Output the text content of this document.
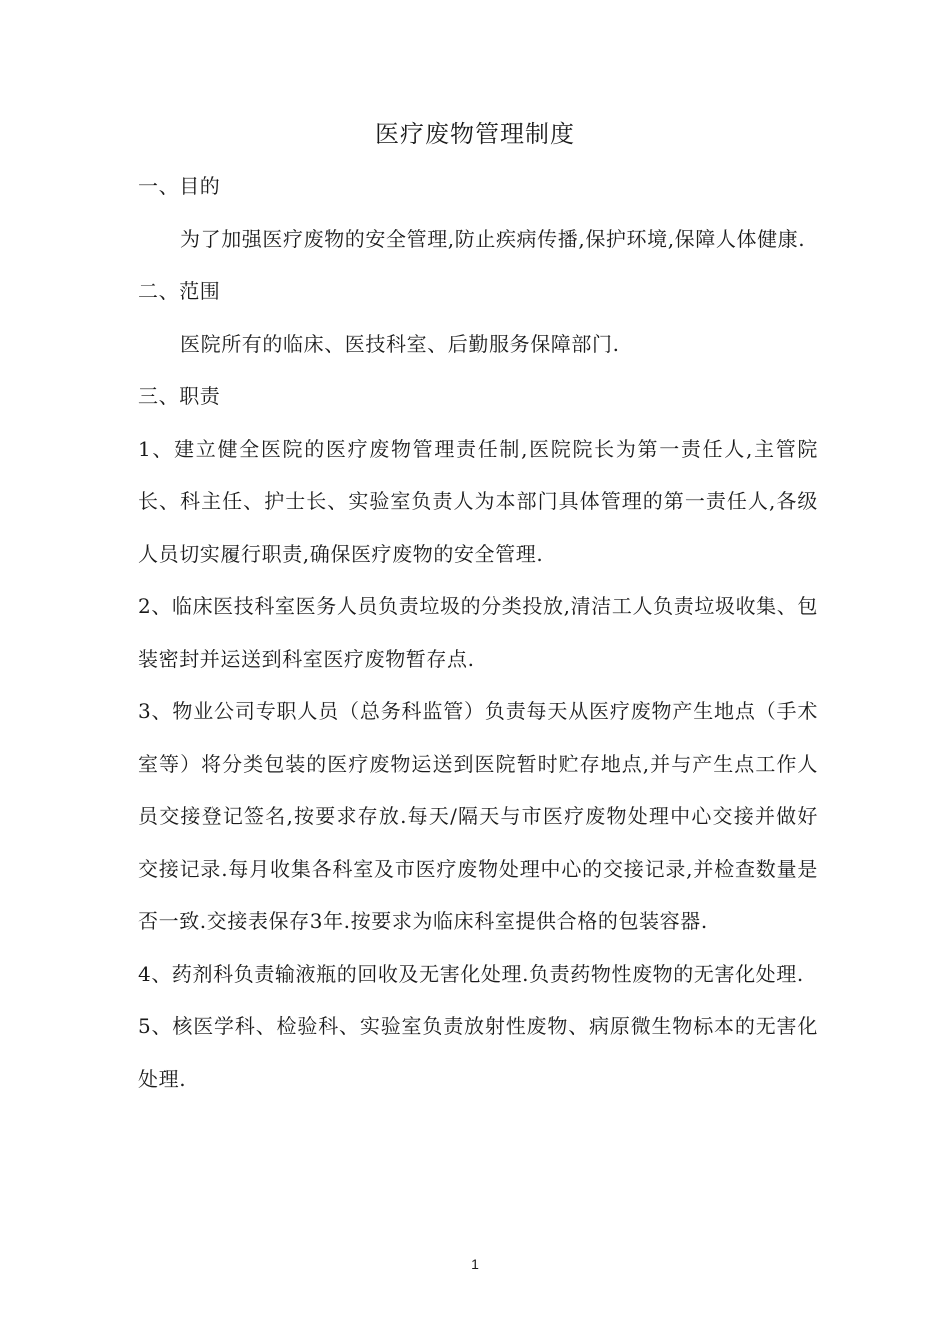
医疗废物管理制度

一、目的

为了加强医疗废物的安全管理,防止疾病传播,保护环境,保障人体健康.

二、范围

医院所有的临床、医技科室、后勤服务保障部门.

三、职责

1、建立健全医院的医疗废物管理责任制,医院院长为第一责任人,主管院长、科主任、护士长、实验室负责人为本部门具体管理的第一责任人,各级人员切实履行职责,确保医疗废物的安全管理.

2、临床医技科室医务人员负责垃圾的分类投放,清洁工人负责垃圾收集、包装密封并运送到科室医疗废物暂存点.

3、物业公司专职人员（总务科监管）负责每天从医疗废物产生地点（手术室等）将分类包装的医疗废物运送到医院暂时贮存地点,并与产生点工作人员交接登记签名,按要求存放.每天/隔天与市医疗废物处理中心交接并做好交接记录.每月收集各科室及市医疗废物处理中心的交接记录,并检查数量是否一致.交接表保存3年.按要求为临床科室提供合格的包装容器.

4、药剂科负责输液瓶的回收及无害化处理.负责药物性废物的无害化处理.

5、核医学科、检验科、实验室负责放射性废物、病原微生物标本的无害化处理.

1
